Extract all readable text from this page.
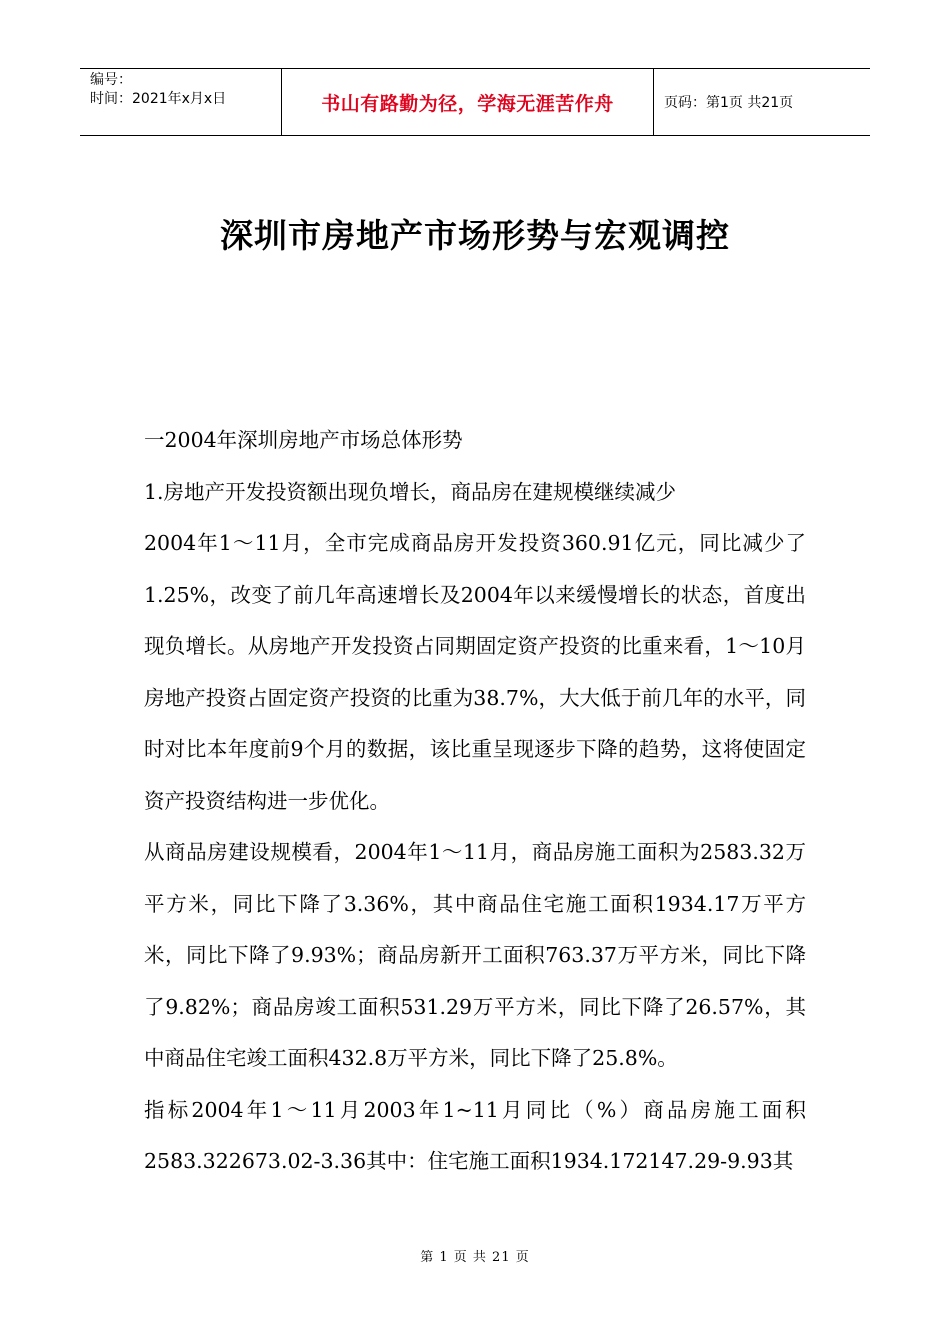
编号：
时间：2021年x月x日	书山有路勤为径，学海无涯苦作舟	页码：第1页 共21页
深圳市房地产市场形势与宏观调控

一2004年深圳房地产市场总体形势

1.房地产开发投资额出现负增长，商品房在建规模继续减少

2004年1～11月，全市完成商品房开发投资360.91亿元，同比减少了1.25%，改变了前几年高速增长及2004年以来缓慢增长的状态，首度出现负增长。从房地产开发投资占同期固定资产投资的比重来看，1～10月房地产投资占固定资产投资的比重为38.7%，大大低于前几年的水平，同时对比本年度前9个月的数据，该比重呈现逐步下降的趋势，这将使固定资产投资结构进一步优化。

从商品房建设规模看，2004年1～11月，商品房施工面积为2583.32万平方米，同比下降了3.36%，其中商品住宅施工面积1934.17万平方米，同比下降了9.93%；商品房新开工面积763.37万平方米，同比下降了9.82%；商品房竣工面积531.29万平方米，同比下降了26.57%，其中商品住宅竣工面积432.8万平方米，同比下降了25.8%。

指标2004年1～11月2003年1~11月同比（%）商品房施工面积2583.322673.02-3.36其中：住宅施工面积1934.172147.29-9.93其

第 1 页 共 21 页
